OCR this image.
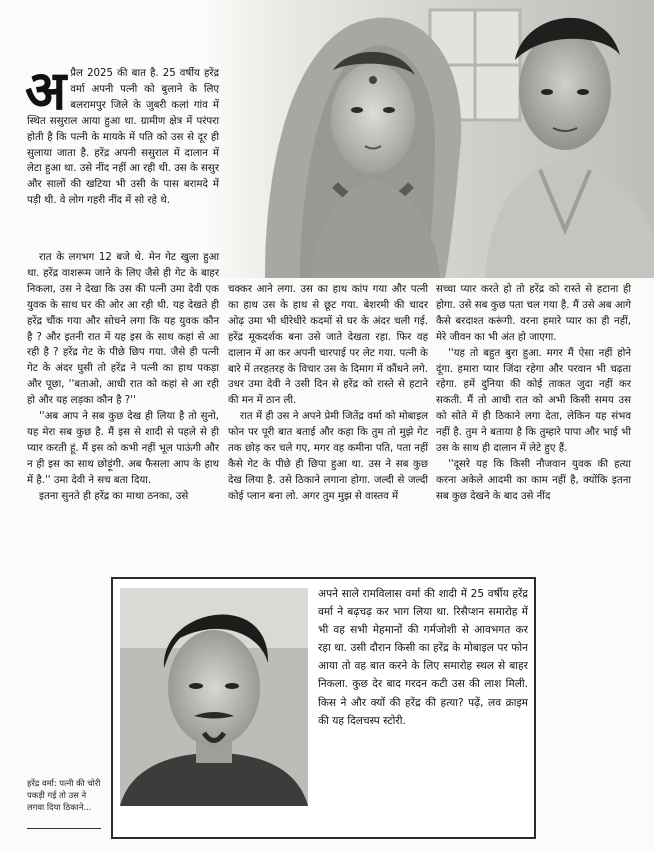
अ प्रैल 2025 की बात है. 25 वर्षीय हरेंद्र वर्मा अपनी पत्नी को बुलाने के लिए बलरामपुर जिले के जुबरी कलां गांव में स्थित ससुराल आया हुआ था. ग्रामीण क्षेत्र में परंपरा होती है कि पत्नी के मायके में पति को उस से दूर ही सुलाया जाता है. हरेंद्र अपनी ससुराल में दालान में लेटा हुआ था. उसे नींद नहीं आ रही थी. उस के ससुर और सालों की खटिया भी उसी के पास बरामदे में पड़ी थी. वे लोग गहरी नींद में सो रहे थे.

रात के लगभग 12 बजे थे. मेन गेट खुला हुआ था. हरेंद्र वाशरूम जाने के लिए जैसे ही गेट के बाहर निकला, उस ने देखा कि उस की पत्नी उमा देवी एक युवक के साथ घर की ओर आ रही थी. यह देखते ही हरेंद्र चौंक गया और सोचने लगा कि यह युवक कौन है ? और इतनी रात में यह इस के साथ कहां से आ रही है ? हरेंद्र गेट के पीछे छिप गया. जैसे ही पत्नी गेट के अंदर घुसी तो हरेंद्र ने पत्नी का हाथ पकड़ा और पूछा, ''बताओ, आधी रात को कहां से आ रही हो और यह लड़का कौन है ?''

''अब आप ने सब कुछ देख ही लिया है तो सुनो, यह मेरा सब कुछ है. मैं इस से शादी से पहले से ही प्यार करती हूं. मैं इस को कभी नहीं भूल पाऊंगी और न ही इस का साथ छोड़ूंगी. अब फैसला आप के हाथ में है.'' उमा देवी ने सच बता दिया.

इतना सुनते ही हरेंद्र का माथा ठनका, उसे

चक्कर आने लगा. उस का हाथ कांप गया और पत्नी का हाथ उस के हाथ से छूट गया. बेशरमी की चादर ओढ़ उमा भी धीरेधीरे कदमों से घर के अंदर चली गई. हरेंद्र मूकदर्शक बना उसे जाते देखता रहा. फिर वह दालान में आ कर अपनी चारपाई पर लेट गया. पत्नी के बारे में तरहतरह के विचार उस के दिमाग में कौंधने लगे. उधर उमा देवी ने उसी दिन से हरेंद्र को रास्ते से हटाने की मन में ठान ली.

रात में ही उस ने अपने प्रेमी जितेंद्र वर्मा को मोबाइल फोन पर पूरी बात बताई और कहा कि तुम तो मुझे गेट तक छोड़ कर चले गए, मगर वह कमीना पति, पता नहीं कैसे गेट के पीछे ही छिपा हुआ था. उस ने सब कुछ देख लिया है. उसे ठिकाने लगाना होगा. जल्दी से जल्दी कोई प्लान बना लो. अगर तुम मुझ से वास्तव में

सच्चा प्यार करते हो तो हरेंद्र को रास्ते से हटाना ही होगा. उसे सब कुछ पता चल गया है. मैं उसे अब आगे कैसे बरदाश्त करूंगी. वरना हमारे प्यार का ही नहीं, मेरे जीवन का भी अंत हो जाएगा.

''यह तो बहुत बुरा हुआ. मगर मैं ऐसा नहीं होने दूंगा. हमारा प्यार जिंदा रहेगा और परवान भी चढ़ता रहेगा. हमें दुनिया की कोई ताकत जुदा नहीं कर सकती. मैं तो आधी रात को अभी किसी समय उस को सोते में ही ठिकाने लगा देता, लेकिन यह संभव नहीं है. तुम ने बताया है कि तुम्हारे पापा और भाई भी उस के साथ ही दालान में लेटे हुए हैं.

''दूसरे यह कि किसी नौजवान युवक की हत्या करना अकेले आदमी का काम नहीं है, क्योंकि इतना सब कुछ देखने के बाद उसे नींद

अपने साले रामविलास वर्मा की शादी में 25 वर्षीय हरेंद्र वर्मा ने बढ़चढ़ कर भाग लिया था. रिसैप्शन समारोह में भी वह सभी मेहमानों की गर्मजोशी से आवभगत कर रहा था. उसी दौरान किसी का हरेंद्र के मोबाइल पर फोन आया तो वह बात करने के लिए समारोह स्थल से बाहर निकला. कुछ देर बाद गरदन कटी उस की लाश मिली. किस ने और क्यों की हरेंद्र की हत्या? पढ़ें, लव क्राइम की यह दिलचस्प स्टोरी.
हरेंद्र वर्मा: पत्नी की चोरी पकड़ी गई तो उस ने लगवा दिया ठिकाने...
